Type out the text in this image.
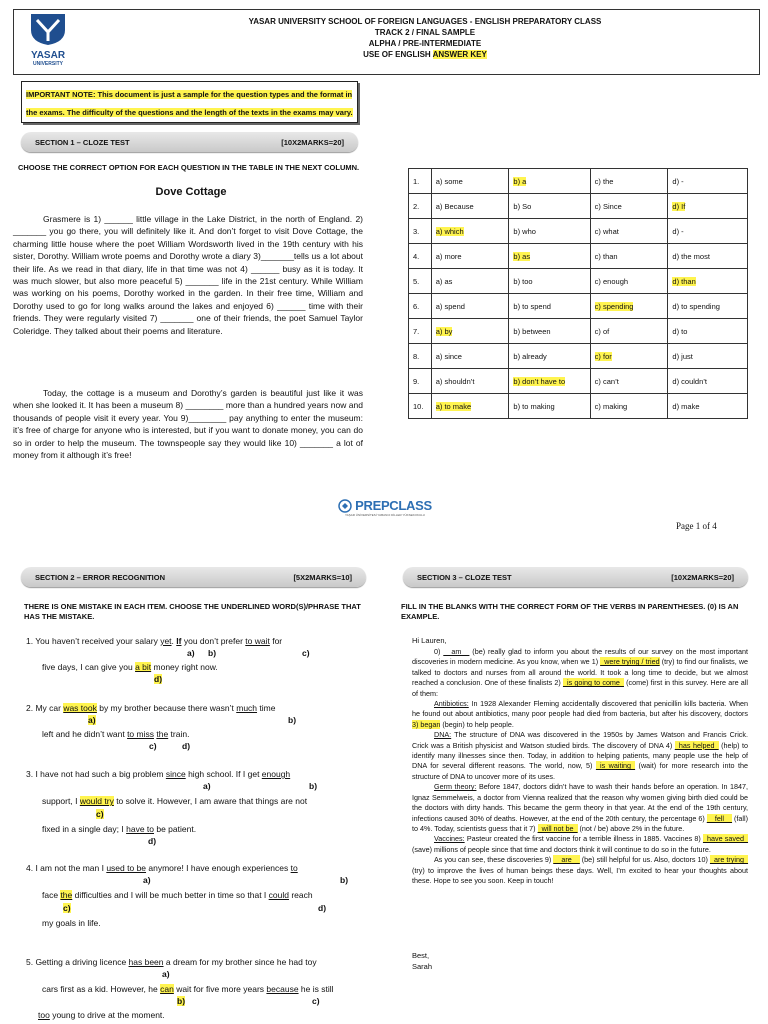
YASAR
UNIVERSITY
YASAR UNIVERSITY SCHOOL OF FOREIGN LANGUAGES - ENGLISH PREPARATORY CLASS
TRACK 2 / FINAL SAMPLE
ALPHA / PRE-INTERMEDIATE
USE OF ENGLISH ANSWER KEY
IMPORTANT NOTE: This document is just a sample for the question types and the format in the exams. The difficulty of the questions and the length of the texts in the exams may vary.
SECTION 1 – CLOZE TEST	[10X2MARKS=20]
CHOOSE THE CORRECT OPTION FOR EACH QUESTION IN THE TABLE IN THE NEXT COLUMN.
Dove Cottage
Grasmere is 1) ______ little village in the Lake District, in the north of England. 2) _______ you go there, you will definitely like it. And don’t forget to visit Dove Cottage, the charming little house where the poet William Wordsworth lived in the 19th century with his sister, Dorothy. William wrote poems and Dorothy wrote a diary 3)_______tells us a lot about their life. As we read in that diary, life in that time was not 4) ______ busy as it is today. It was much slower, but also more peaceful 5) _______ life in the 21st century. While William was working on his poems, Dorothy worked in the garden. In their free time, William and Dorothy used to go for long walks around the lakes and enjoyed 6) ______ time with their friends. They were regularly visited 7) _______ one of their friends, the poet Samuel Taylor Coleridge. They talked about their poems and literature.
Today, the cottage is a museum and Dorothy’s garden is beautiful just like it was when she looked it. It has been a museum 8) ________ more than a hundred years now and thousands of people visit it every year. You 9)________ pay anything to enter the museum: it’s free of charge for anyone who is interested, but if you want to donate money, you can do so in order to help the museum. The townspeople say they would like 10) _______ a lot of money from it although it’s free!
1.	a) some	b) a	c) the	d) -
2.	a) Because	b) So	c) Since	d) If
3.	a) which	b) who	c) what	d) -
4.	a) more	b) as	c) than	d) the most
5.	a) as	b) too	c) enough	d) than
6.	a) spend	b) to spend	c) spending	d) to spending
7.	a) by	b) between	c) of	d) to
8.	a) since	b) already	c) for	d) just
9.	a) shouldn’t	b) don’t have to	c) can’t	d) couldn’t
10.	a) to make	b) to making	c) making	d) make
PREPCLASS
YAŞAR ÜNİVERSİTESİ YABANCI DİLLER YÜKSEKOKULU
Page 1 of 4
SECTION 2 – ERROR RECOGNITION	[5X2MARKS=10]
THERE IS ONE MISTAKE IN EACH ITEM. CHOOSE THE UNDERLINED WORD(S)/PHRASE THAT HAS THE MISTAKE.
1. You haven’t received your salary yet. If you don’t prefer to wait for
a) b)	c)
five days, I can give you a bit money right now.
d)
2. My car was took by my brother because there wasn’t much time
a)	b)
left and he didn’t want to miss the train.
c)	d)
3. I have not had such a big problem since high school. If I get enough
a)	b)
support, I would try to solve it. However, I am aware that things are not
c)
fixed in a single day; I have to be patient.
d)
4. I am not the man I used to be anymore! I have enough experiences to
a)	b)
face the difficulties and I will be much better in time so that I could reach
c)	d)
my goals in life.
5. Getting a driving licence has been a dream for my brother since he had toy
a)
cars first as a kid. However, he can wait for five more years because he is still
b)	c)
too young to drive at the moment.
SECTION 3 – CLOZE TEST	[10X2MARKS=20]
FILL IN THE BLANKS WITH THE CORRECT FORM OF THE VERBS IN PARENTHESES. (0) IS AN EXAMPLE.
Hi Lauren,
0) __am__ (be) really glad to inform you about the results of our survey on the most important discoveries in modern medicine. As you know, when we 1) _were trying / tried (try) to find our finalists, we talked to doctors and nurses from all around the world. It took a long time to decide, but we almost reached a conclusion. One of these finalists 2) _is going to come_ (come) first in this survey. Here are all of them:
Antibiotics: In 1928 Alexander Fleming accidentally discovered that penicillin kills bacteria. When he found out about antibiotics, many poor people had died from bacteria, but after his discovery, doctors 3) began (begin) to help people.
DNA: The structure of DNA was discovered in the 1950s by James Watson and Francis Crick. Crick was a British physicist and Watson studied birds. The discovery of DNA 4) _has helped_ (help) to identify many illnesses since then. Today, in addition to helping patients, many people use the help of DNA for several different reasons. The world, now, 5) _is waiting_ (wait) for more research into the structure of DNA to uncover more of its uses.
Germ theory: Before 1847, doctors didn’t have to wash their hands before an operation. In 1847, Ignaz Semmelweis, a doctor from Vienna realized that the reason why women giving birth died could be the doctors with dirty hands. This became the germ theory in that year. At the end of the 19th century, infections caused 30% of deaths. However, at the end of the 20th century, the percentage 6) __fell__ (fall) to 4%. Today, scientists guess that it 7) _will not be_ (not / be) above 2% in the future.
Vaccines: Pasteur created the first vaccine for a terrible illness in 1885. Vaccines 8) _have saved_ (save) millions of people since that time and doctors think it will continue to do so in the future.
As you can see, these discoveries 9) __are__ (be) still helpful for us. Also, doctors 10) _are trying_ (try) to improve the lives of human beings these days. Well, I’m excited to hear your thoughts about these. Hope to see you soon. Keep in touch!
Best,
Sarah
